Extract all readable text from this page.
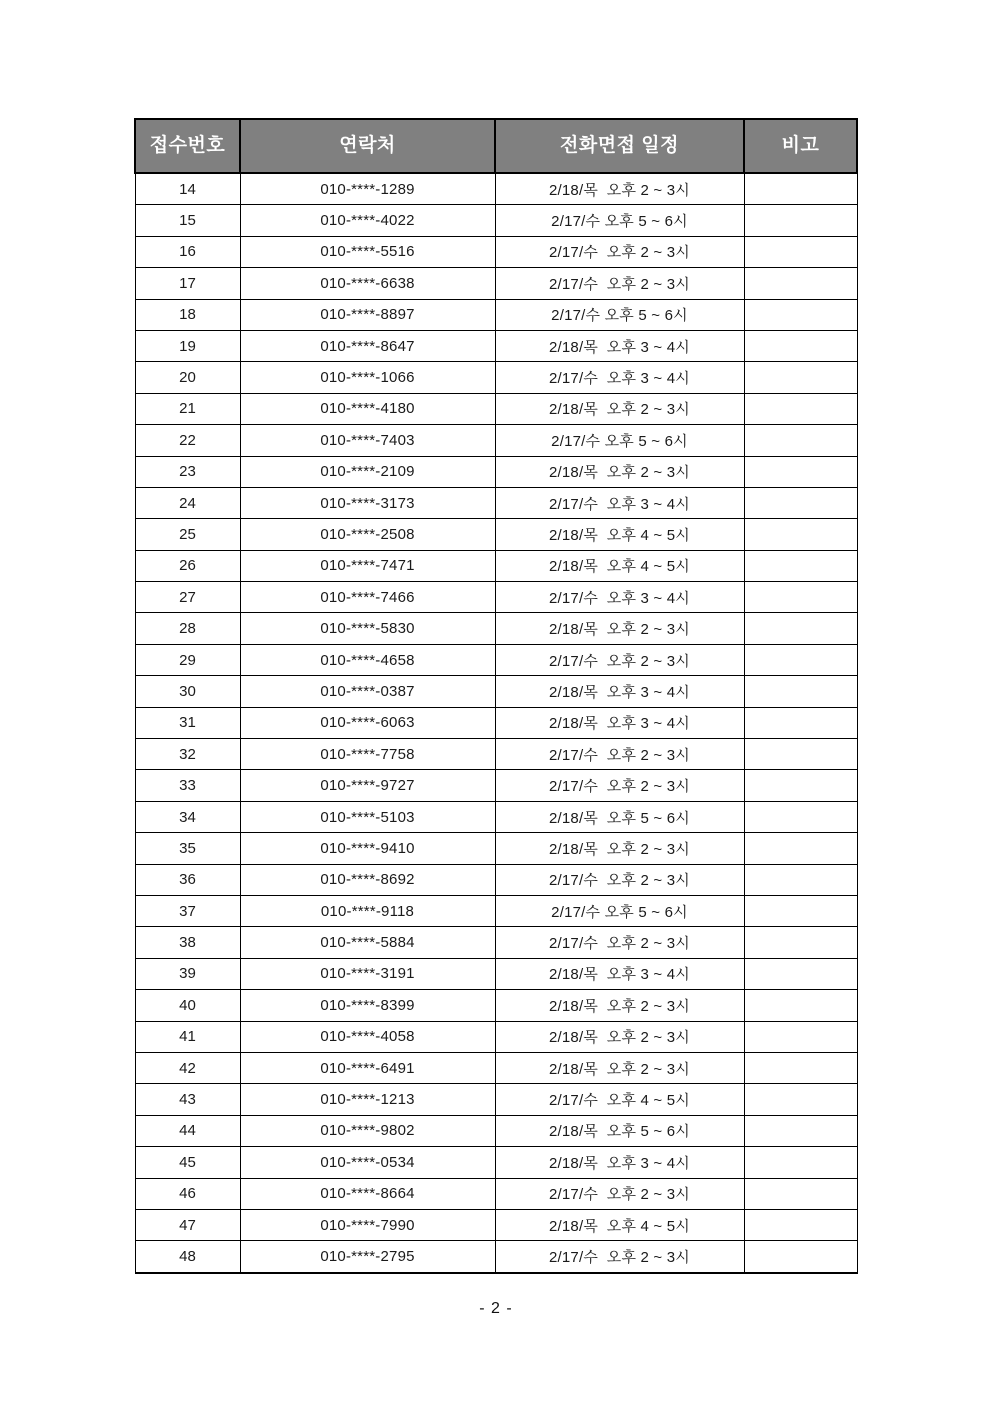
접수번호	연락처	전화면접 일정	비고
14	010-****-1289	2/18/목  오후 2 ~ 3시	
15	010-****-4022	2/17/수 오후 5 ~ 6시	
16	010-****-5516	2/17/수  오후 2 ~ 3시	
17	010-****-6638	2/17/수  오후 2 ~ 3시	
18	010-****-8897	2/17/수 오후 5 ~ 6시	
19	010-****-8647	2/18/목  오후 3 ~ 4시	
20	010-****-1066	2/17/수  오후 3 ~ 4시	
21	010-****-4180	2/18/목  오후 2 ~ 3시	
22	010-****-7403	2/17/수 오후 5 ~ 6시	
23	010-****-2109	2/18/목  오후 2 ~ 3시	
24	010-****-3173	2/17/수  오후 3 ~ 4시	
25	010-****-2508	2/18/목  오후 4 ~ 5시	
26	010-****-7471	2/18/목  오후 4 ~ 5시	
27	010-****-7466	2/17/수  오후 3 ~ 4시	
28	010-****-5830	2/18/목  오후 2 ~ 3시	
29	010-****-4658	2/17/수  오후 2 ~ 3시	
30	010-****-0387	2/18/목  오후 3 ~ 4시	
31	010-****-6063	2/18/목  오후 3 ~ 4시	
32	010-****-7758	2/17/수  오후 2 ~ 3시	
33	010-****-9727	2/17/수  오후 2 ~ 3시	
34	010-****-5103	2/18/목  오후 5 ~ 6시	
35	010-****-9410	2/18/목  오후 2 ~ 3시	
36	010-****-8692	2/17/수  오후 2 ~ 3시	
37	010-****-9118	2/17/수 오후 5 ~ 6시	
38	010-****-5884	2/17/수  오후 2 ~ 3시	
39	010-****-3191	2/18/목  오후 3 ~ 4시	
40	010-****-8399	2/18/목  오후 2 ~ 3시	
41	010-****-4058	2/18/목  오후 2 ~ 3시	
42	010-****-6491	2/18/목  오후 2 ~ 3시	
43	010-****-1213	2/17/수  오후 4 ~ 5시	
44	010-****-9802	2/18/목  오후 5 ~ 6시	
45	010-****-0534	2/18/목  오후 3 ~ 4시	
46	010-****-8664	2/17/수  오후 2 ~ 3시	
47	010-****-7990	2/18/목  오후 4 ~ 5시	
48	010-****-2795	2/17/수  오후 2 ~ 3시	
- 2 -
